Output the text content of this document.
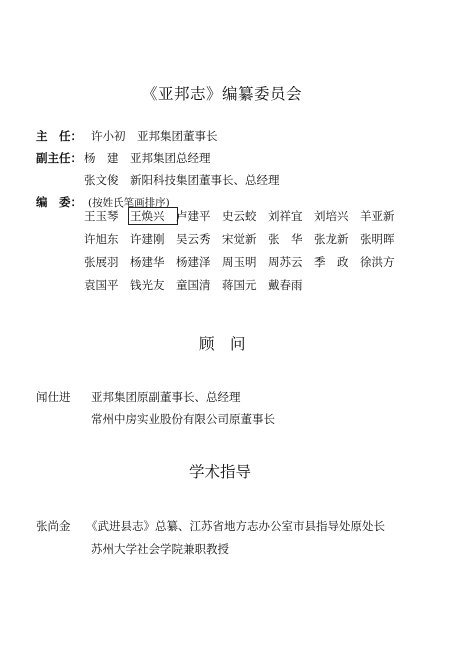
《亚邦志》编纂委员会
主　任： 许小初　亚邦集团董事长
副主任： 杨　建　亚邦集团总经理
张文俊　新阳科技集团董事长、总经理
编　委： (按姓氏笔画排序)
王玉琴	王焕兴	卢建平	史云蛟	刘祥宜	刘培兴	羊亚新
许旭东	许建刚	吴云秀	宋觉新	张　华	张龙新	张明晖
张展羽	杨建华	杨建泽	周玉明	周苏云	季　政	徐洪方
袁国平	钱光友	童国清	蒋国元	戴春雨
顾　问
闻仕进 亚邦集团原副董事长、总经理
常州中房实业股份有限公司原董事长
学术指导
张尚金 《武进县志》总纂、江苏省地方志办公室市县指导处原处长
苏州大学社会学院兼职教授
